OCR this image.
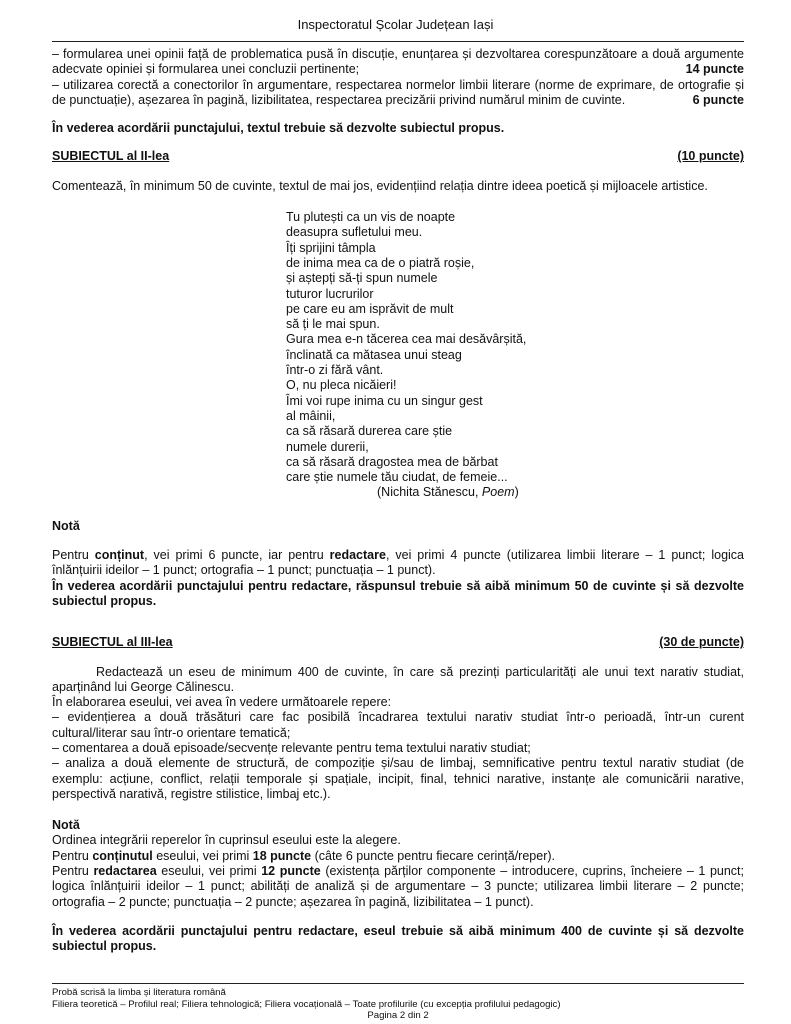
Inspectoratul Școlar Județean Iași

– formularea unei opinii față de problematica pusă în discuție, enunțarea și dezvoltarea corespunzătoare a două argumente adecvate opiniei și formularea unei concluzii pertinente;	14 puncte

– utilizarea corectă a conectorilor în argumentare, respectarea normelor limbii literare (norme de exprimare, de ortografie și de punctuație), așezarea în pagină, lizibilitatea, respectarea precizării privind numărul minim de cuvinte.	6 puncte

În vederea acordării punctajului, textul trebuie să dezvolte subiectul propus.

SUBIECTUL al II-lea	(10 puncte)

Comentează, în minimum 50 de cuvinte, textul de mai jos, evidențiind relația dintre ideea poetică și mijloacele artistice.

Tu plutești ca un vis de noapte
deasupra sufletului meu.
Îți sprijini tâmpla
de inima mea ca de o piatră roșie,
și aștepți să-ți spun numele
tuturor lucrurilor
pe care eu am isprăvit de mult
să ți le mai spun.
Gura mea e-n tăcerea cea mai desăvârșită,
înclinată ca mătasea unui steag
într-o zi fără vânt.
O, nu pleca nicăieri!
Îmi voi rupe inima cu un singur gest
al mâinii,
ca să răsară durerea care știe
numele durerii,
ca să răsară dragostea mea de bărbat
care știe numele tău ciudat, de femeie...
(Nichita Stănescu, Poem)

Notă

Pentru conținut, vei primi 6 puncte, iar pentru redactare, vei primi 4 puncte (utilizarea limbii literare – 1 punct; logica înlănțuirii ideilor – 1 punct; ortografia – 1 punct; punctuația – 1 punct).

În vederea acordării punctajului pentru redactare, răspunsul trebuie să aibă minimum 50 de cuvinte și să dezvolte subiectul propus.

SUBIECTUL al III-lea	(30 de puncte)

Redactează un eseu de minimum 400 de cuvinte, în care să prezinți particularități ale unui text narativ studiat, aparținând lui George Călinescu.

În elaborarea eseului, vei avea în vedere următoarele repere:

– evidențierea a două trăsături care fac posibilă încadrarea textului narativ studiat într-o perioadă, într-un curent cultural/literar sau într-o orientare tematică;

– comentarea a două episoade/secvențe relevante pentru tema textului narativ studiat;

– analiza a două elemente de structură, de compoziție și/sau de limbaj, semnificative pentru textul narativ studiat (de exemplu: acțiune, conflict, relații temporale și spațiale, incipit, final, tehnici narative, instanțe ale comunicării narative, perspectivă narativă, registre stilistice, limbaj etc.).

Notă

Ordinea integrării reperelor în cuprinsul eseului este la alegere.

Pentru conținutul eseului, vei primi 18 puncte (câte 6 puncte pentru fiecare cerință/reper).

Pentru redactarea eseului, vei primi 12 puncte (existența părților componente – introducere, cuprins, încheiere – 1 punct; logica înlănțuirii ideilor – 1 punct; abilități de analiză și de argumentare – 3 puncte; utilizarea limbii literare – 2 puncte; ortografia – 2 puncte; punctuația – 2 puncte; așezarea în pagină, lizibilitatea – 1 punct).

În vederea acordării punctajului pentru redactare, eseul trebuie să aibă minimum 400 de cuvinte și să dezvolte subiectul propus.

Probă scrisă la limba și literatura română
Filiera teoretică – Profilul real; Filiera tehnologică; Filiera vocațională – Toate profilurile (cu excepția profilului pedagogic)
Pagina 2 din 2
